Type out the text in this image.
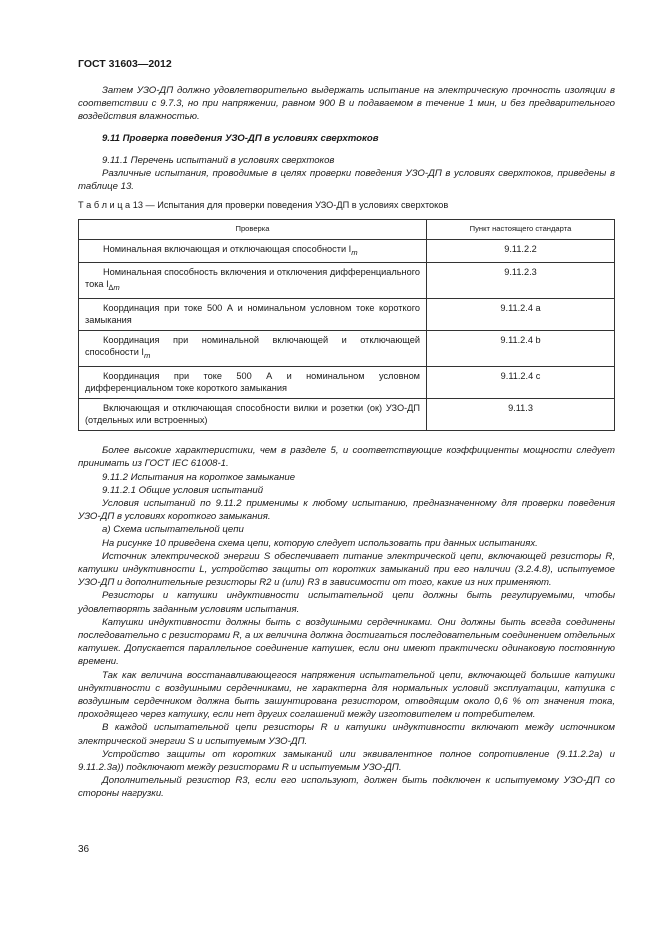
ГОСТ 31603—2012

Затем УЗО-ДП должно удовлетворительно выдержать испытание на электрическую прочность изоляции в соответствии с 9.7.3, но при напряжении, равном 900 В и подаваемом в течение 1 мин, и без предварительного воздействия влажностью.

9.11 Проверка поведения УЗО-ДП в условиях сверхтоков

9.11.1 Перечень испытаний в условиях сверхтоков

Различные испытания, проводимые в целях проверки поведения УЗО-ДП в условиях сверхтоков, приведены в таблице 13.

Т а б л и ц а 13 — Испытания для проверки поведения УЗО-ДП в условиях сверхтоков

Проверка	Пункт настоящего стандарта

Номинальная включающая и отключающая способности $I_m$	9.11.2.2

Номинальная способность включения и отключения дифференциального тока $I_{\Delta m}$	9.11.2.3

Координация при токе 500 А и номинальном условном токе короткого замыкания	9.11.2.4 a

Координация при номинальной включающей и отключающей способности $I_m$	9.11.2.4 b

Координация при токе 500 А и номинальном условном дифференциальном токе короткого замыкания	9.11.2.4 c

Включающая и отключающая способности вилки и розетки (ок) УЗО-ДП (отдельных или встроенных)	9.11.3

Более высокие характеристики, чем в разделе 5, и соответствующие коэффициенты мощности следует принимать из ГОСТ IEC 61008-1.

9.11.2 Испытания на короткое замыкание

9.11.2.1 Общие условия испытаний

Условия испытаний по 9.11.2 применимы к любому испытанию, предназначенному для проверки поведения УЗО-ДП в условиях короткого замыкания.

а) Схема испытательной цепи

На рисунке 10 приведена схема цепи, которую следует использовать при данных испытаниях.

Источник электрической энергии S обеспечивает питание электрической цепи, включающей резисторы R, катушки индуктивности L, устройство защиты от коротких замыканий при его наличии (3.2.4.8), испытуемое УЗО-ДП и дополнительные резисторы R2 и (или) R3 в зависимости от того, какие из них применяют.

Резисторы и катушки индуктивности испытательной цепи должны быть регулируемыми, чтобы удовлетворять заданным условиям испытания.

Катушки индуктивности должны быть с воздушными сердечниками. Они должны быть всегда соединены последовательно с резисторами R, а их величина должна достигаться последовательным соединением отдельных катушек. Допускается параллельное соединение катушек, если они имеют практически одинаковую постоянную времени.

Так как величина восстанавливающегося напряжения испытательной цепи, включающей большие катушки индуктивности с воздушными сердечниками, не характерна для нормальных условий эксплуатации, катушка с воздушным сердечником должна быть зашунтирована резистором, отводящим около 0,6 % от значения тока, проходящего через катушку, если нет других соглашений между изготовителем и потребителем.

В каждой испытательной цепи резисторы R и катушки индуктивности включают между источником электрической энергии S и испытуемым УЗО-ДП.

Устройство защиты от коротких замыканий или эквивалентное полное сопротивление (9.11.2.2а) и 9.11.2.3а)) подключают между резисторами R и испытуемым УЗО-ДП.

Дополнительный резистор R3, если его используют, должен быть подключен к испытуемому УЗО-ДП со стороны нагрузки.

36
